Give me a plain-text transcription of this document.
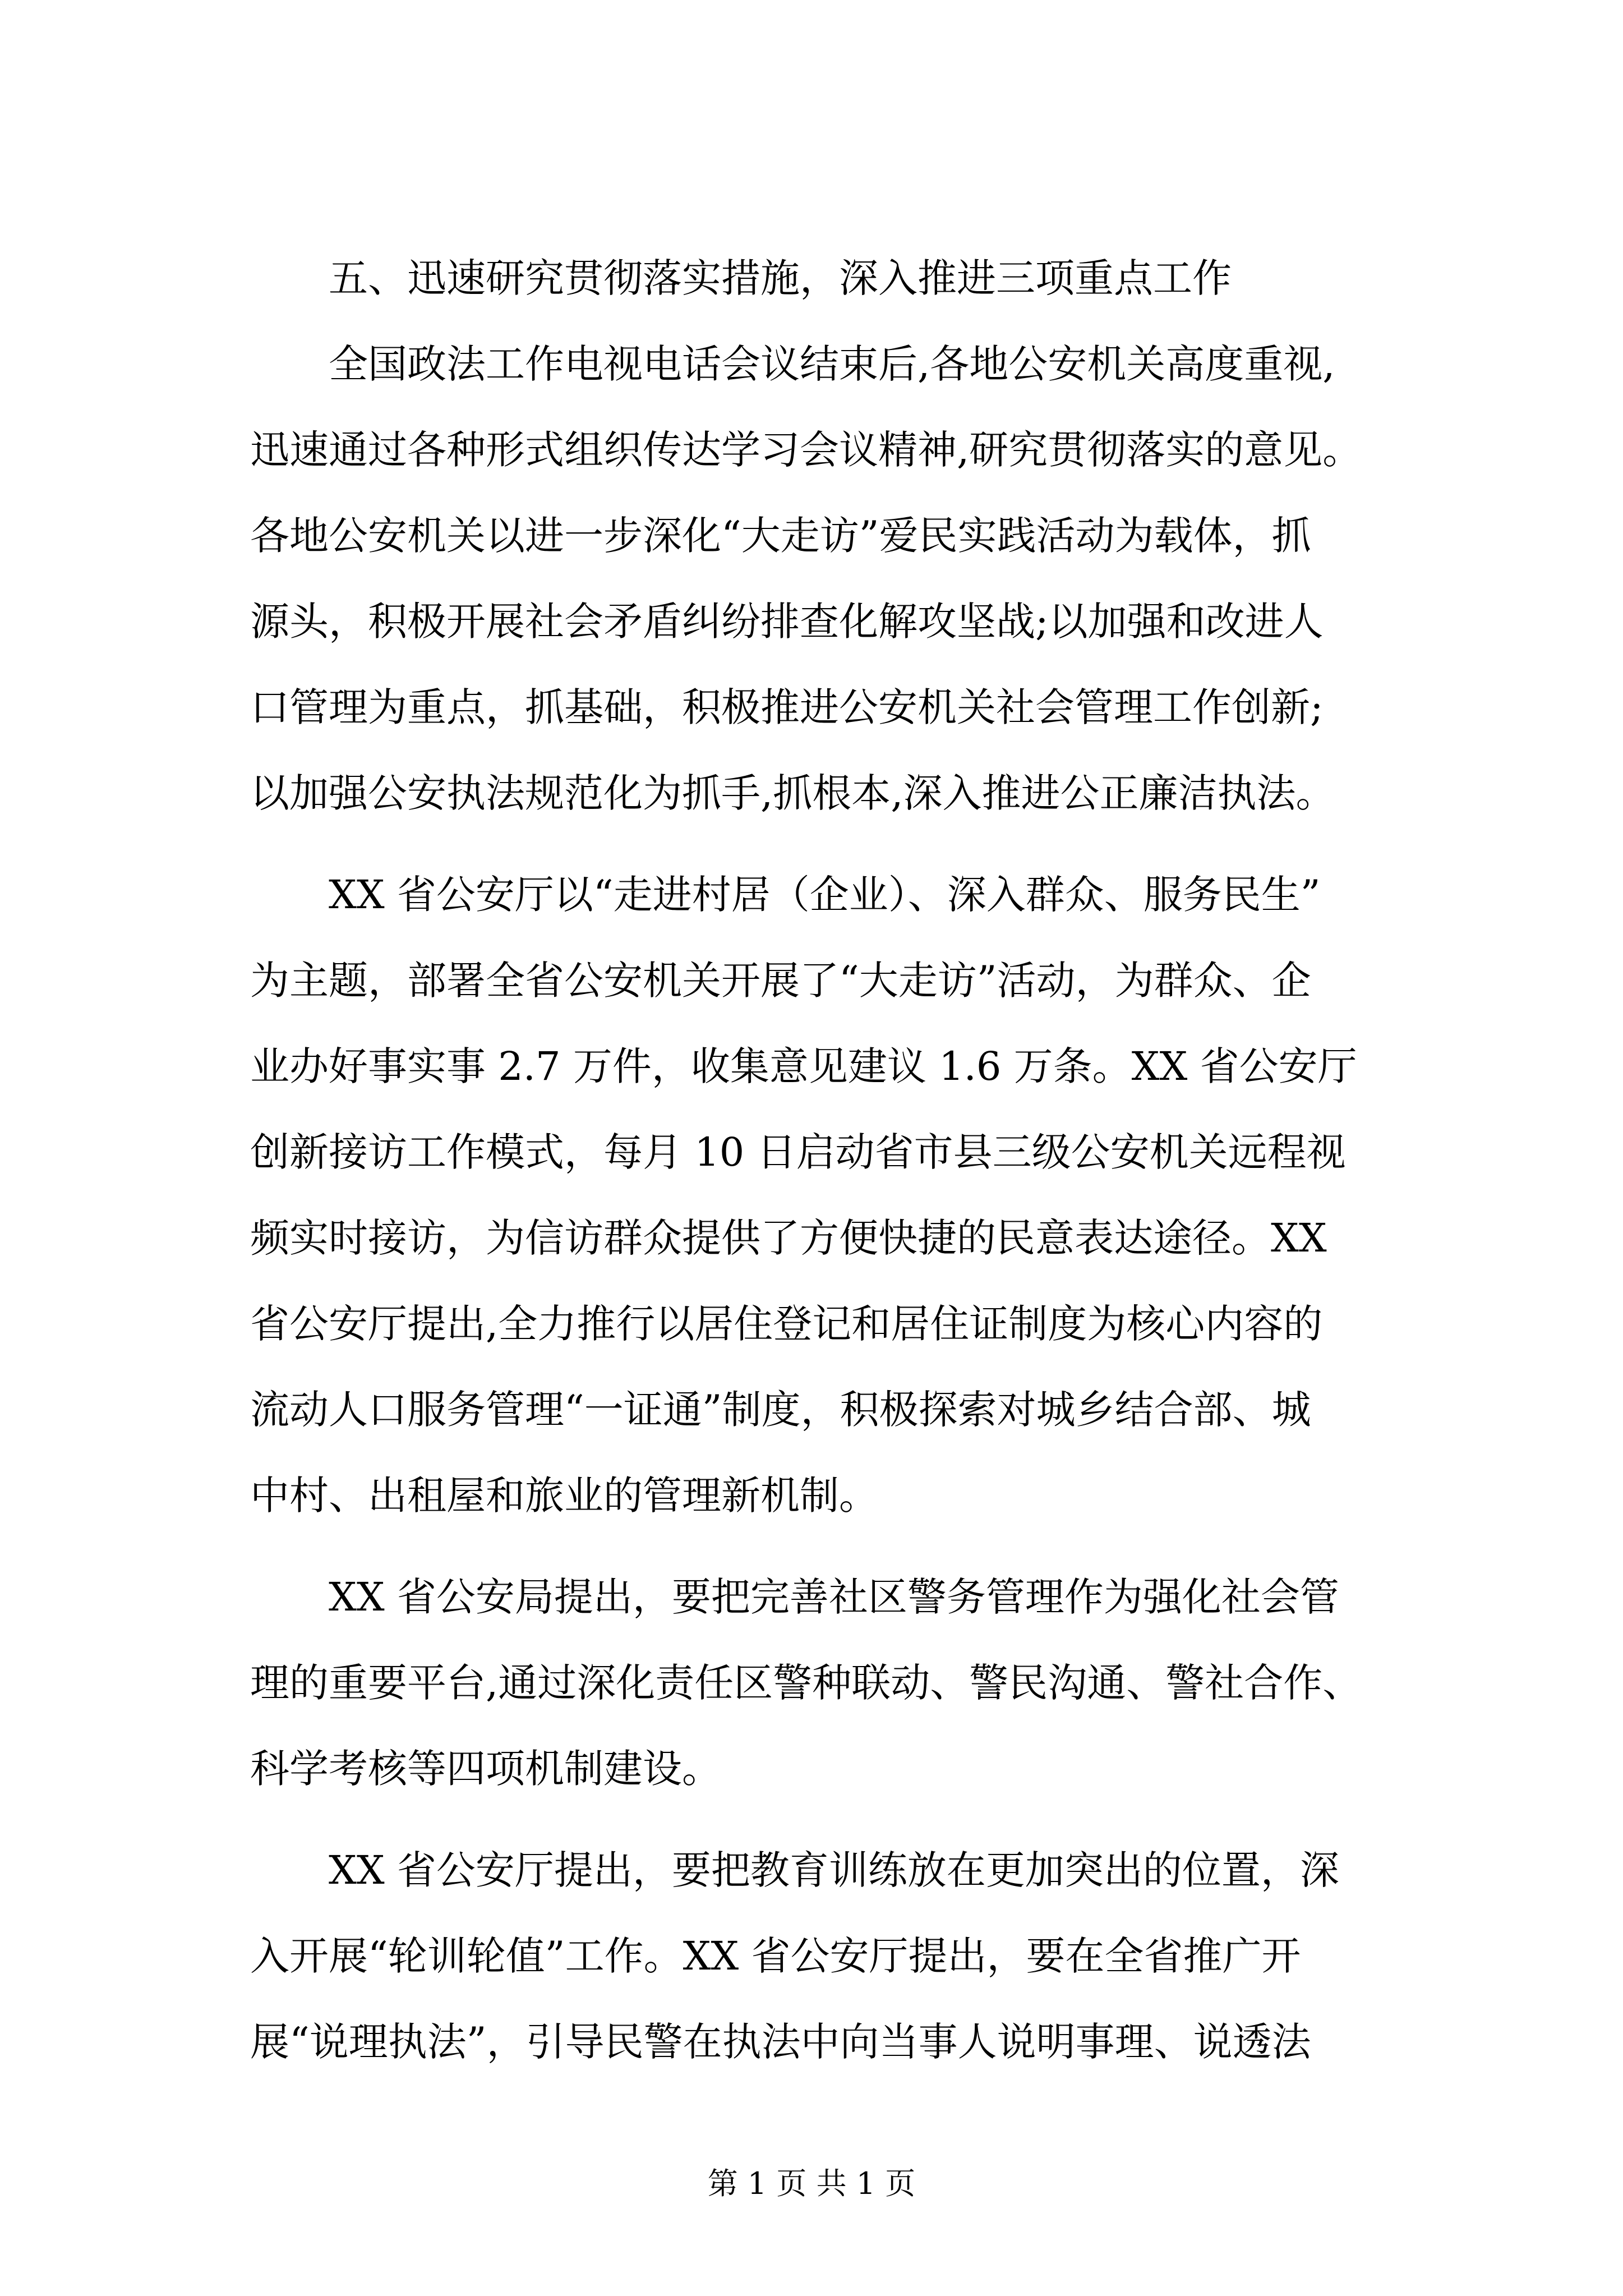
五、迅速研究贯彻落实措施，深入推进三项重点工作
全国政法工作电视电话会议结束后,各地公安机关高度重视,
迅速通过各种形式组织传达学习会议精神,研究贯彻落实的意见。
各地公安机关以进一步深化“大走访”爱民实践活动为载体，抓
源头，积极开展社会矛盾纠纷排查化解攻坚战;以加强和改进人
口管理为重点，抓基础，积极推进公安机关社会管理工作创新;
以加强公安执法规范化为抓手,抓根本,深入推进公正廉洁执法。
XX 省公安厅以“走进村居（企业）、深入群众、服务民生”
为主题，部署全省公安机关开展了“大走访”活动，为群众、企
业办好事实事 2.7 万件，收集意见建议 1.6 万条。XX 省公安厅
创新接访工作模式，每月 10 日启动省市县三级公安机关远程视
频实时接访，为信访群众提供了方便快捷的民意表达途径。XX
省公安厅提出,全力推行以居住登记和居住证制度为核心内容的
流动人口服务管理“一证通”制度，积极探索对城乡结合部、城
中村、出租屋和旅业的管理新机制。
XX 省公安局提出，要把完善社区警务管理作为强化社会管
理的重要平台,通过深化责任区警种联动、警民沟通、警社合作、
科学考核等四项机制建设。
XX 省公安厅提出，要把教育训练放在更加突出的位置，深
入开展“轮训轮值”工作。XX 省公安厅提出，要在全省推广开
展“说理执法”，引导民警在执法中向当事人说明事理、说透法
第 1 页 共 1 页
